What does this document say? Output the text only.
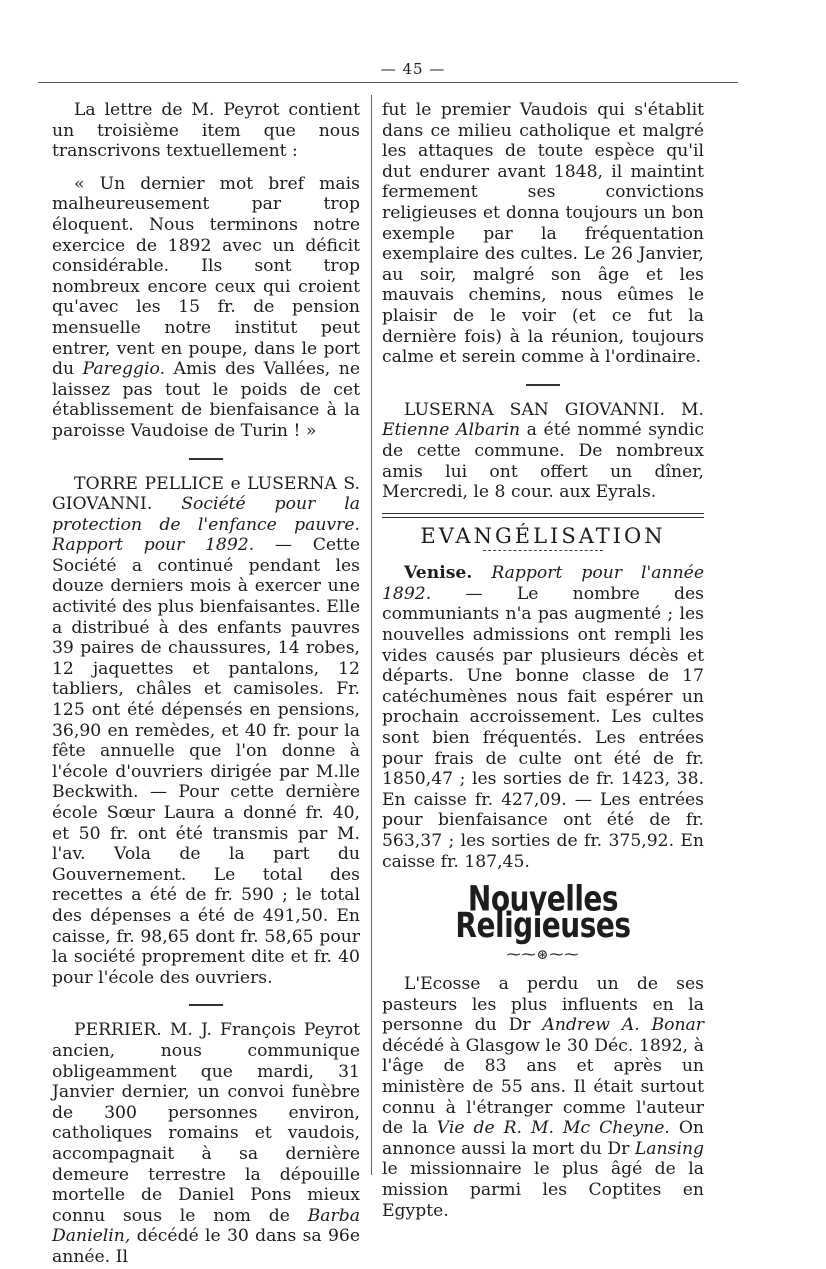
— 45 —

La lettre de M. Peyrot contient un troisième item que nous transcrivons textuellement :

« Un dernier mot bref mais malheureusement par trop éloquent. Nous terminons notre exercice de 1892 avec un déficit considérable. Ils sont trop nombreux encore ceux qui croient qu'avec les 15 fr. de pension mensuelle notre institut peut entrer, vent en poupe, dans le port du Pareggio. Amis des Vallées, ne laissez pas tout le poids de cet établissement de bienfaisance à la paroisse Vaudoise de Turin ! »

TORRE PELLICE e LUSERNA S. GIOVANNI. Société pour la protection de l'enfance pauvre. Rapport pour 1892. — Cette Société a continué pendant les douze derniers mois à exercer une activité des plus bienfaisantes. Elle a distribué à des enfants pauvres 39 paires de chaussures, 14 robes, 12 jaquettes et pantalons, 12 tabliers, châles et camisoles. Fr. 125 ont été dépensés en pensions, 36,90 en remèdes, et 40 fr. pour la fête annuelle que l'on donne à l'école d'ouvriers dirigée par M.lle Beckwith. — Pour cette dernière école Sœur Laura a donné fr. 40, et 50 fr. ont été transmis par M. l'av. Vola de la part du Gouvernement. Le total des recettes a été de fr. 590 ; le total des dépenses a été de 491,50. En caisse, fr. 98,65 dont fr. 58,65 pour la société proprement dite et fr. 40 pour l'école des ouvriers.

PERRIER. M. J. François Peyrot ancien, nous communique obligeamment que mardi, 31 Janvier dernier, un convoi funèbre de 300 personnes environ, catholiques romains et vaudois, accompagnait à sa dernière demeure terrestre la dépouille mortelle de Daniel Pons mieux connu sous le nom de Barba Danielin, décédé le 30 dans sa 96e année. Il

fut le premier Vaudois qui s'établit dans ce milieu catholique et malgré les attaques de toute espèce qu'il dut endurer avant 1848, il maintint fermement ses convictions religieuses et donna toujours un bon exemple par la fréquentation exemplaire des cultes. Le 26 Janvier, au soir, malgré son âge et les mauvais chemins, nous eûmes le plaisir de le voir (et ce fut la dernière fois) à la réunion, toujours calme et serein comme à l'ordinaire.

LUSERNA SAN GIOVANNI. M. Etienne Albarin a été nommé syndic de cette commune. De nombreux amis lui ont offert un dîner, Mercredi, le 8 cour. aux Eyrals.

EVANGÉLISATION

Venise. Rapport pour l'année 1892. — Le nombre des communiants n'a pas augmenté ; les nouvelles admissions ont rempli les vides causés par plusieurs décès et départs. Une bonne classe de 17 catéchumènes nous fait espérer un prochain accroissement. Les cultes sont bien fréquentés. Les entrées pour frais de culte ont été de fr. 1850,47 ; les sorties de fr. 1423, 38. En caisse fr. 427,09. — Les entrées pour bienfaisance ont été de fr. 563,37 ; les sorties de fr. 375,92. En caisse fr. 187,45.

Nouvelles Religieuses
⁓⁓⊛⁓⁓

L'Ecosse a perdu un de ses pasteurs les plus influents en la personne du Dr Andrew A. Bonar décédé à Glasgow le 30 Déc. 1892, à l'âge de 83 ans et après un ministère de 55 ans. Il était surtout connu à l'étranger comme l'auteur de la Vie de R. M. Mc Cheyne. On annonce aussi la mort du Dr Lansing le missionnaire le plus âgé de la mission parmi les Coptites en Egypte.
